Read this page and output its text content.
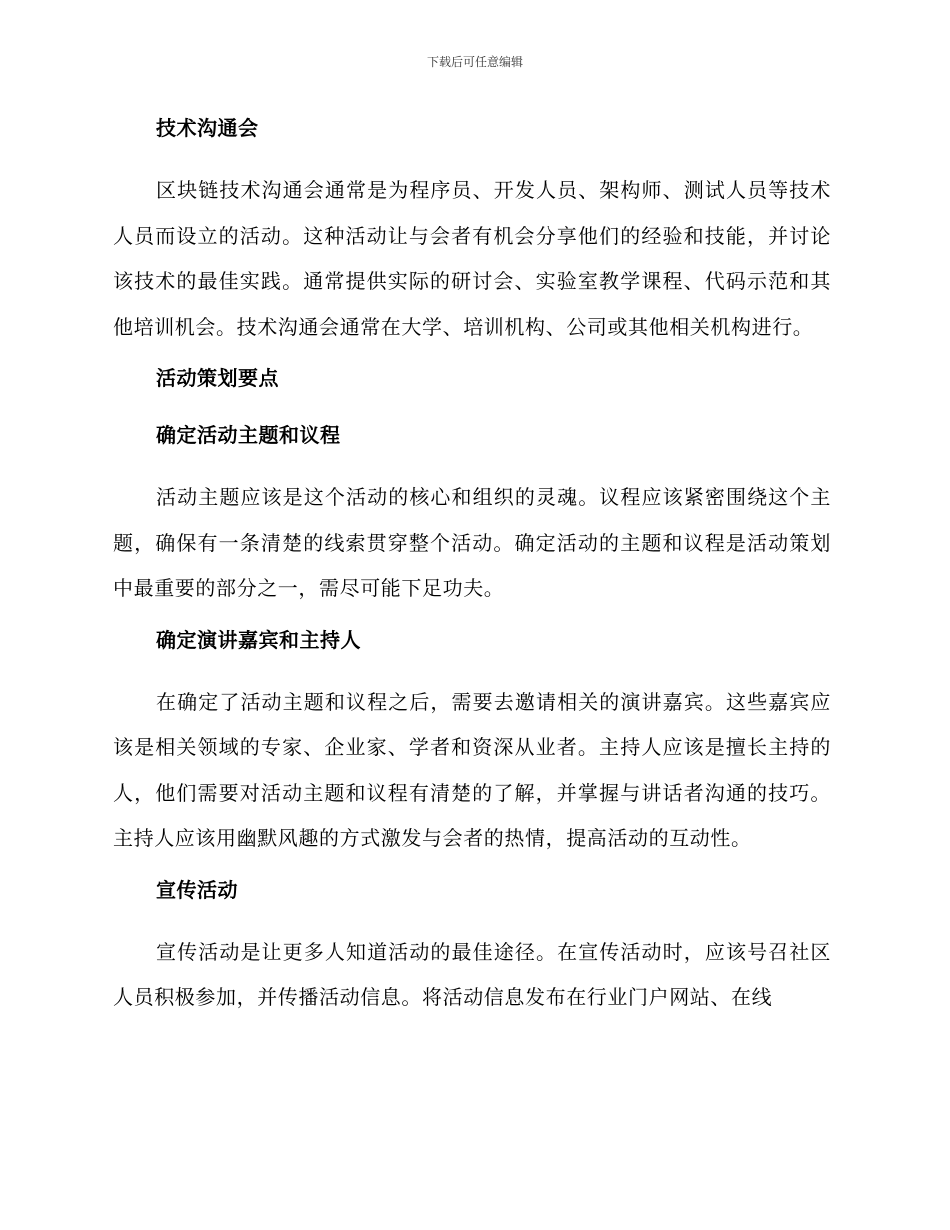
下载后可任意编辑
技术沟通会

区块链技术沟通会通常是为程序员、开发人员、架构师、测试人员等技术人员而设立的活动。这种活动让与会者有机会分享他们的经验和技能，并讨论该技术的最佳实践。通常提供实际的研讨会、实验室教学课程、代码示范和其他培训机会。技术沟通会通常在大学、培训机构、公司或其他相关机构进行。

活动策划要点
确定活动主题和议程

活动主题应该是这个活动的核心和组织的灵魂。议程应该紧密围绕这个主题，确保有一条清楚的线索贯穿整个活动。确定活动的主题和议程是活动策划中最重要的部分之一，需尽可能下足功夫。

确定演讲嘉宾和主持人

在确定了活动主题和议程之后，需要去邀请相关的演讲嘉宾。这些嘉宾应该是相关领域的专家、企业家、学者和资深从业者。主持人应该是擅长主持的人，他们需要对活动主题和议程有清楚的了解，并掌握与讲话者沟通的技巧。主持人应该用幽默风趣的方式激发与会者的热情，提高活动的互动性。

宣传活动

宣传活动是让更多人知道活动的最佳途径。在宣传活动时，应该号召社区人员积极参加，并传播活动信息。将活动信息发布在行业门户网站、在线
